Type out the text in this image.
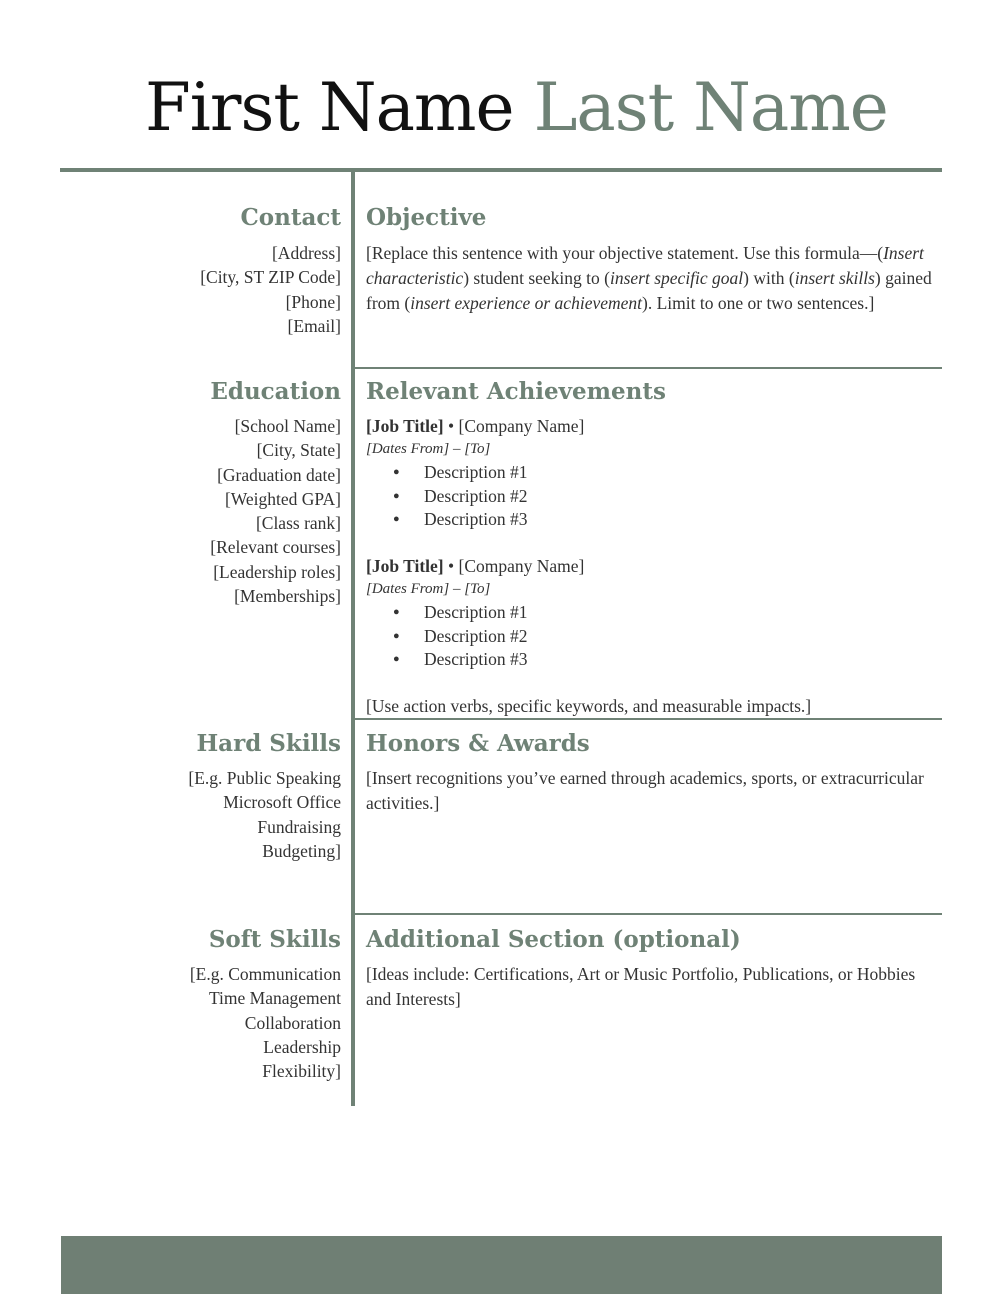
First Name Last Name
Contact
[Address]
[City, ST ZIP Code]
[Phone]
[Email]
Objective
[Replace this sentence with your objective statement. Use this formula—(Insert characteristic) student seeking to (insert specific goal) with (insert skills) gained from (insert experience or achievement). Limit to one or two sentences.]
Education
[School Name]
[City, State]
[Graduation date]
[Weighted GPA]
[Class rank]
[Relevant courses]
[Leadership roles]
[Memberships]
Relevant Achievements
[Job Title] • [Company Name]
[Dates From] – [To]
● Description #1
● Description #2
● Description #3
[Job Title] • [Company Name]
[Dates From] – [To]
● Description #1
● Description #2
● Description #3
[Use action verbs, specific keywords, and measurable impacts.]
Hard Skills
[E.g. Public Speaking
Microsoft Office
Fundraising
Budgeting]
Honors & Awards
[Insert recognitions you’ve earned through academics, sports, or extracurricular activities.]
Soft Skills
[E.g. Communication
Time Management
Collaboration
Leadership
Flexibility]
Additional Section (optional)
[Ideas include: Certifications, Art or Music Portfolio, Publications, or Hobbies and Interests]
